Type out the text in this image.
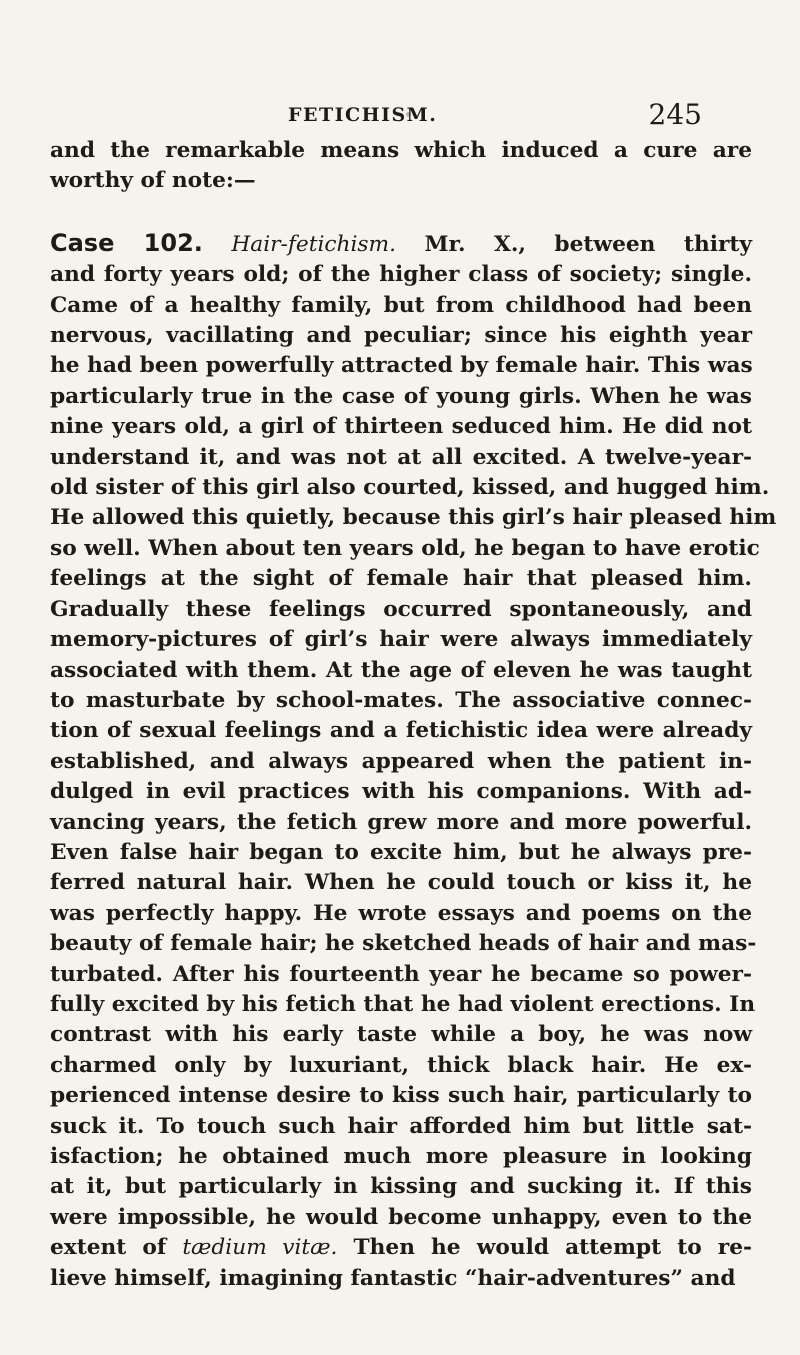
FETICHISM.	245

and the remarkable means which induced a cure are

worthy of note:—

Case 102. Hair-fetichism. Mr. X., between thirty

and forty years old; of the higher class of society; single.

Came of a healthy family, but from childhood had been

nervous, vacillating and peculiar; since his eighth year

he had been powerfully attracted by female hair. This was

particularly true in the case of young girls. When he was

nine years old, a girl of thirteen seduced him. He did not

understand it, and was not at all excited. A twelve-year-

old sister of this girl also courted, kissed, and hugged him.

He allowed this quietly, because this girl’s hair pleased him

so well. When about ten years old, he began to have erotic

feelings at the sight of female hair that pleased him.

Gradually these feelings occurred spontaneously, and

memory-pictures of girl’s hair were always immediately

associated with them. At the age of eleven he was taught

to masturbate by school-mates. The associative connec-

tion of sexual feelings and a fetichistic idea were already

established, and always appeared when the patient in-

dulged in evil practices with his companions. With ad-

vancing years, the fetich grew more and more powerful.

Even false hair began to excite him, but he always pre-

ferred natural hair. When he could touch or kiss it, he

was perfectly happy. He wrote essays and poems on the

beauty of female hair; he sketched heads of hair and mas-

turbated. After his fourteenth year he became so power-

fully excited by his fetich that he had violent erections. In

contrast with his early taste while a boy, he was now

charmed only by luxuriant, thick black hair. He ex-

perienced intense desire to kiss such hair, particularly to

suck it. To touch such hair afforded him but little sat-

isfaction; he obtained much more pleasure in looking

at it, but particularly in kissing and sucking it. If this

were impossible, he would become unhappy, even to the

extent of tædium vitæ. Then he would attempt to re-

lieve himself, imagining fantastic “hair-adventures” and
